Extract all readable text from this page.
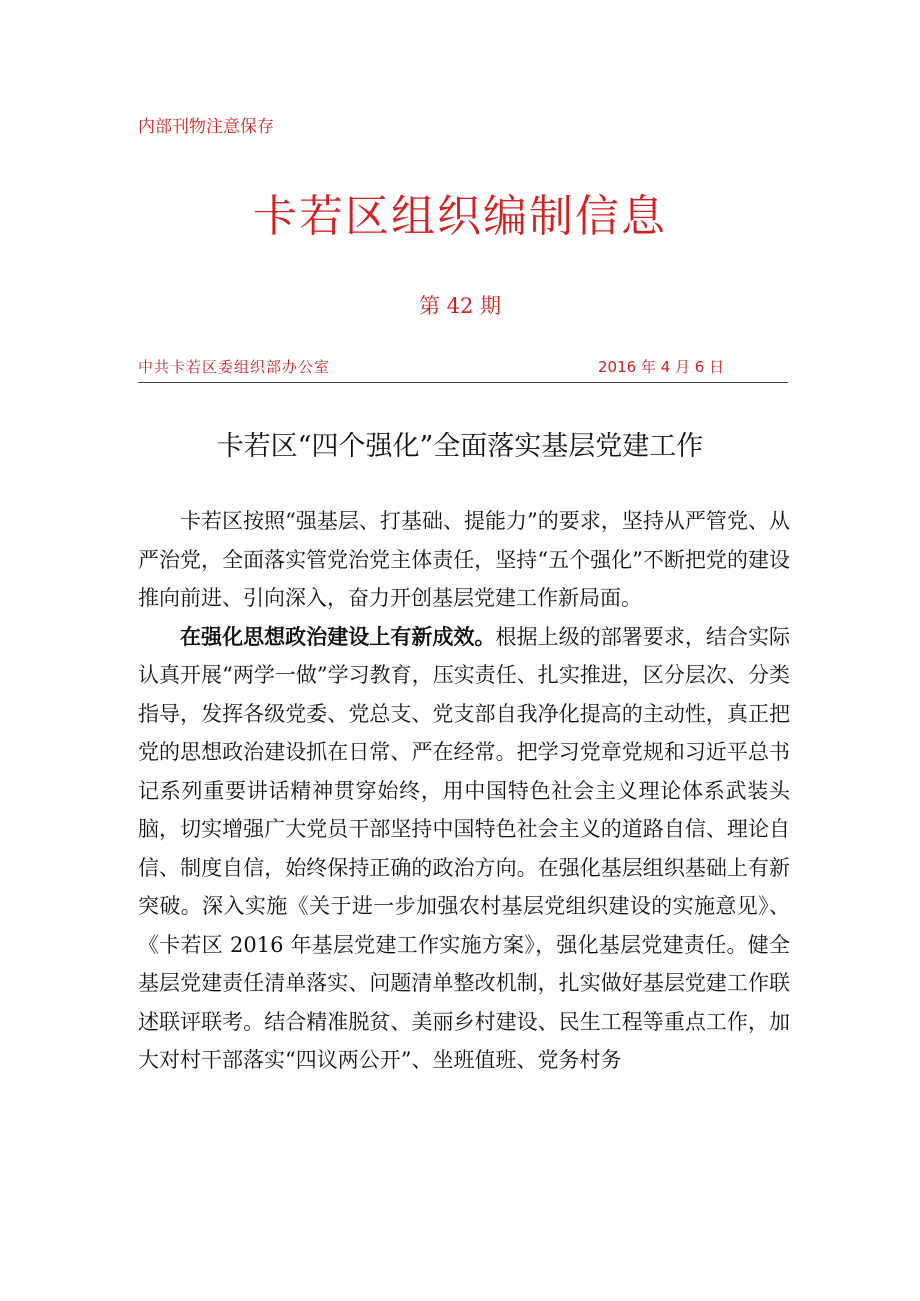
内部刊物注意保存
卡若区组织编制信息
第 42 期
中共卡若区委组织部办公室	2016 年 4 月 6 日
卡若区“四个强化”全面落实基层党建工作

卡若区按照“强基层、打基础、提能力”的要求，坚持从严管党、从严治党，全面落实管党治党主体责任，坚持“五个强化”不断把党的建设推向前进、引向深入，奋力开创基层党建工作新局面。

在强化思想政治建设上有新成效。根据上级的部署要求，结合实际认真开展“两学一做”学习教育，压实责任、扎实推进，区分层次、分类指导，发挥各级党委、党总支、党支部自我净化提高的主动性，真正把党的思想政治建设抓在日常、严在经常。把学习党章党规和习近平总书记系列重要讲话精神贯穿始终，用中国特色社会主义理论体系武装头脑，切实增强广大党员干部坚持中国特色社会主义的道路自信、理论自信、制度自信，始终保持正确的政治方向。在强化基层组织基础上有新突破。深入实施《关于进一步加强农村基层党组织建设的实施意见》、《卡若区 2016 年基层党建工作实施方案》，强化基层党建责任。健全基层党建责任清单落实、问题清单整改机制，扎实做好基层党建工作联述联评联考。结合精准脱贫、美丽乡村建设、民生工程等重点工作，加大对村干部落实“四议两公开”、坐班值班、党务村务
